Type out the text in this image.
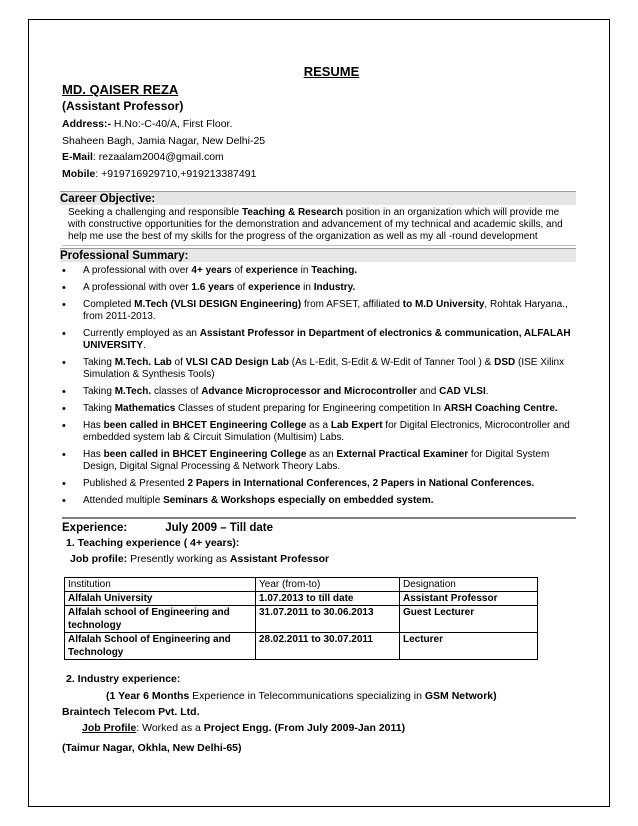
RESUME
MD. QAISER REZA
(Assistant Professor)
Address:- H.No:-C-40/A, First Floor.
Shaheen Bagh, Jamia Nagar, New Delhi-25
E-Mail: rezaalam2004@gmail.com
Mobile: +919716929710,+919213387491
Career Objective:
Seeking a challenging and responsible Teaching & Research position in an organization which will provide me with constructive opportunities for the demonstration and advancement of my technical and academic skills, and help me use the best of my skills for the progress of the organization as well as my all -round development
Professional Summary:
• A professional with over 4+ years of experience in Teaching.
• A professional with over 1.6 years of experience in Industry.
• Completed M.Tech (VLSI DESIGN Engineering) from AFSET, affiliated to M.D University, Rohtak Haryana., from 2011-2013.
• Currently employed as an Assistant Professor in Department of electronics & communication, ALFALAH UNIVERSITY.
• Taking M.Tech. Lab of VLSI CAD Design Lab (As L-Edit, S-Edit & W-Edit of Tanner Tool ) & DSD (ISE Xilinx Simulation & Synthesis Tools)
• Taking M.Tech. classes of Advance Microprocessor and Microcontroller and CAD VLSI.
• Taking Mathematics Classes of student preparing for Engineering competition In ARSH Coaching Centre.
• Has been called in BHCET Engineering College as a Lab Expert for Digital Electronics, Microcontroller and embedded system lab & Circuit Simulation (Multisim) Labs.
• Has been called in BHCET Engineering College as an External Practical Examiner for Digital System Design, Digital Signal Processing & Network Theory Labs.
• Published & Presented 2 Papers in International Conferences, 2 Papers in National Conferences.
• Attended multiple Seminars & Workshops especially on embedded system.
Experience:	July 2009 – Till date
1. Teaching experience ( 4+ years):
Job profile: Presently working as Assistant Professor
Institution	Year (from-to)	Designation
Alfalah University	1.07.2013 to till date	Assistant Professor
Alfalah school of Engineering and technology	31.07.2011 to 30.06.2013	Guest Lecturer
Alfalah School of Engineering and Technology	28.02.2011 to 30.07.2011	Lecturer
2. Industry experience:
(1 Year 6 Months Experience in Telecommunications specializing in GSM Network)
Braintech Telecom Pvt. Ltd.
Job Profile: Worked as a Project Engg. (From July 2009-Jan 2011)
(Taimur Nagar, Okhla, New Delhi-65)
